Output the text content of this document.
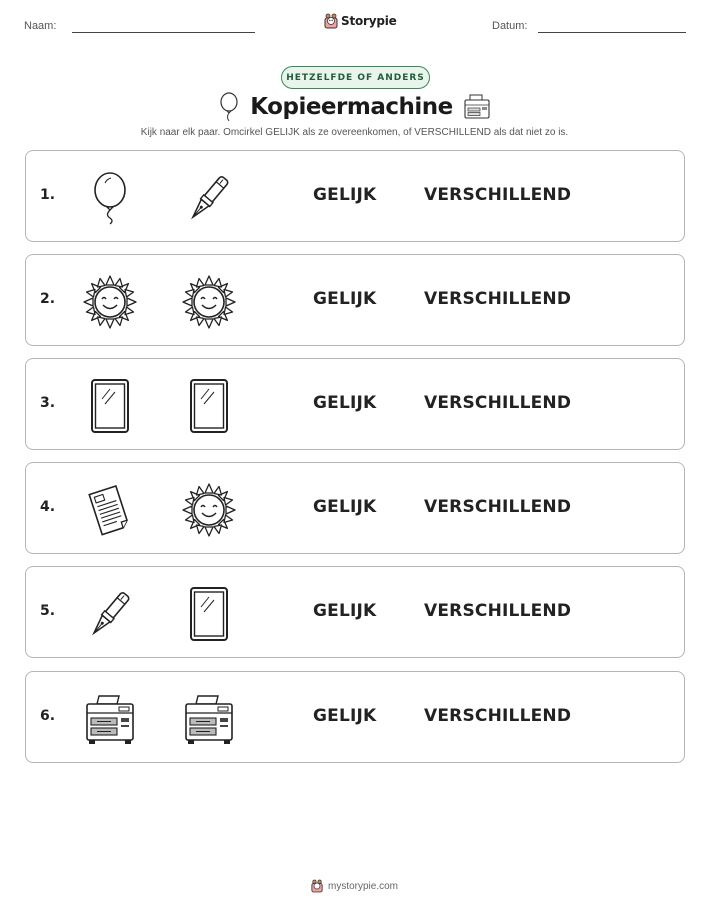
Naam:	Storypie	Datum:
HETZELFDE OF ANDERS
Kopieermachine
Kijk naar elk paar. Omcirkel GELIJK als ze overeenkomen, of VERSCHILLEND als dat niet zo is.
1.	GELIJK	VERSCHILLEND
2.	GELIJK	VERSCHILLEND
3.	GELIJK	VERSCHILLEND
4.	GELIJK	VERSCHILLEND
5.	GELIJK	VERSCHILLEND
6.	GELIJK	VERSCHILLEND
mystorypie.com
